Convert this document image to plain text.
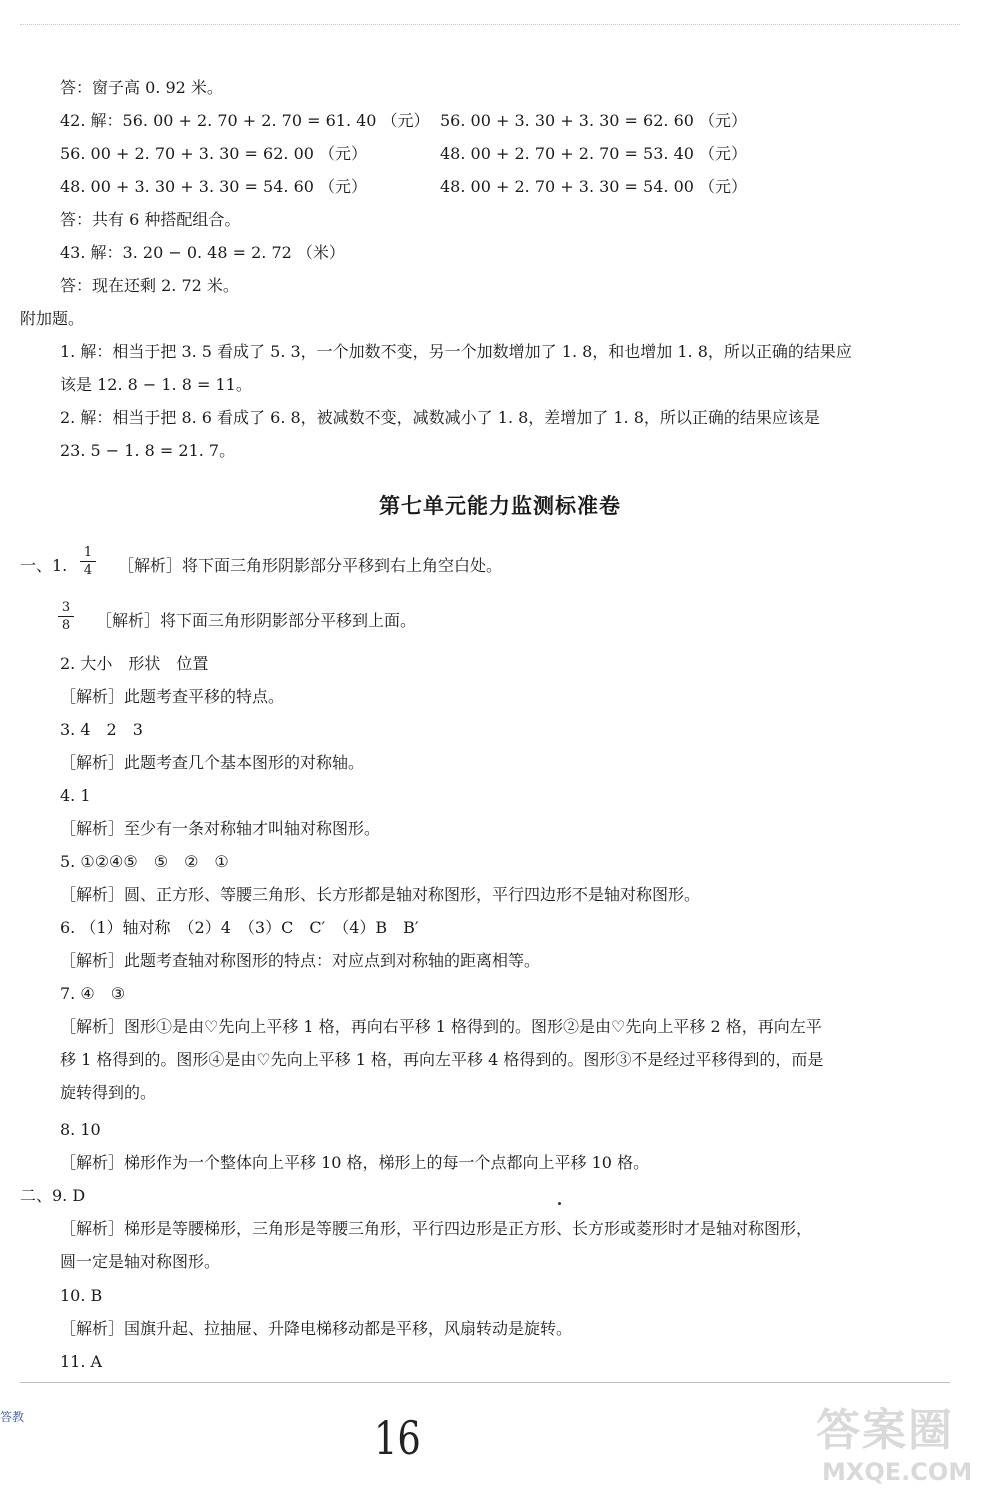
答：窗子高 0. 92 米。
42. 解：56. 00 + 2. 70 + 2. 70 = 61. 40 （元） 56. 00 + 3. 30 + 3. 30 = 62. 60 （元）
56. 00 + 2. 70 + 3. 30 = 62. 00 （元）	48. 00 + 2. 70 + 2. 70 = 53. 40 （元）
48. 00 + 3. 30 + 3. 30 = 54. 60 （元）	48. 00 + 2. 70 + 3. 30 = 54. 00 （元）
答：共有 6 种搭配组合。
43. 解：3. 20 − 0. 48 = 2. 72 （米）
答：现在还剩 2. 72 米。
附加题。
1. 解：相当于把 3. 5 看成了 5. 3，一个加数不变，另一个加数增加了 1. 8，和也增加 1. 8，所以正确的结果应
该是 12. 8 − 1. 8 = 11。
2. 解：相当于把 8. 6 看成了 6. 8，被减数不变，减数减小了 1. 8，差增加了 1. 8，所以正确的结果应该是
23. 5 − 1. 8 = 21. 7。
第七单元能力监测标准卷
一、1.
1
4 ［解析］将下面三角形阴影部分平移到右上角空白处。
3
8 ［解析］将下面三角形阴影部分平移到上面。
2. 大小　形状　位置
［解析］此题考查平移的特点。
3. 4　2　3
［解析］此题考查几个基本图形的对称轴。
4. 1
［解析］至少有一条对称轴才叫轴对称图形。
5. ①②④⑤　⑤　②　①
［解析］圆、正方形、等腰三角形、长方形都是轴对称图形，平行四边形不是轴对称图形。
6. （1）轴对称　（2）4　（3）C　C′　（4）B　B′
［解析］此题考查轴对称图形的特点：对应点到对称轴的距离相等。
7. ④　③
［解析］图形①是由♡先向上平移 1 格，再向右平移 1 格得到的。图形②是由♡先向上平移 2 格，再向左平
移 1 格得到的。图形④是由♡先向上平移 1 格，再向左平移 4 格得到的。图形③不是经过平移得到的，而是
旋转得到的。
8. 10
［解析］梯形作为一个整体向上平移 10 格，梯形上的每一个点都向上平移 10 格。
二、9. D
［解析］梯形是等腰梯形，三角形是等腰三角形，平行四边形是正方形、长方形或菱形时才是轴对称图形，
圆一定是轴对称图形。
10. B
［解析］国旗升起、拉抽屉、升降电梯移动都是平移，风扇转动是旋转。
11. A
答教	16	答案圈
MXQE.COM
